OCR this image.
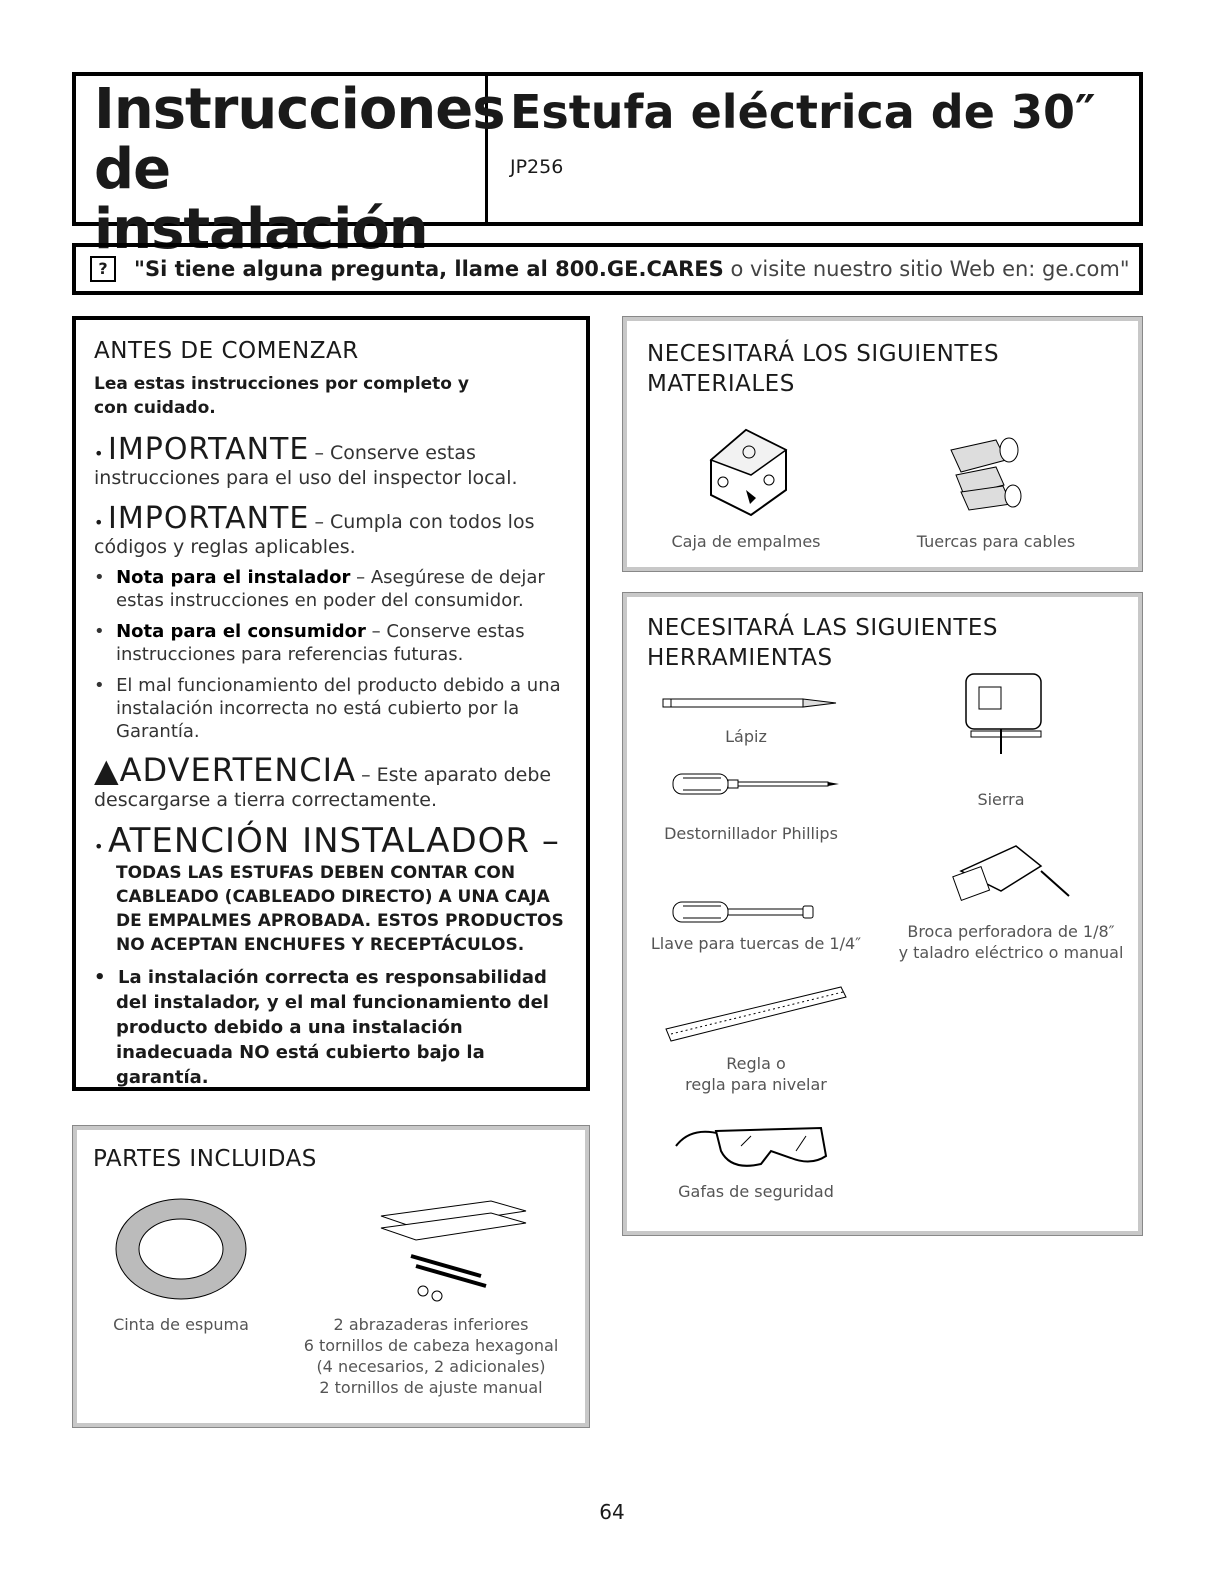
Instrucciones
de instalación
Estufa eléctrica de 30″
JP256
?	"Si tiene alguna pregunta, llame al 800.GE.CARES o visite nuestro sitio Web en: ge.com"
ANTES DE COMENZAR
Lea estas instrucciones por completo y con cuidado.
• IMPORTANTE – Conserve estas instrucciones para el uso del inspector local.
• IMPORTANTE – Cumpla con todos los códigos y reglas aplicables.
•  Nota para el instalador – Asegúrese de dejar estas instrucciones en poder del consumidor.
•  Nota para el consumidor – Conserve estas instrucciones para referencias futuras.
•  El mal funcionamiento del producto debido a una instalación incorrecta no está cubierto por la Garantía.
▲ADVERTENCIA – Este aparato debe descargarse a tierra correctamente.
• ATENCIÓN INSTALADOR –
TODAS LAS ESTUFAS DEBEN CONTAR CON CABLEADO (CABLEADO DIRECTO) A UNA CAJA DE EMPALMES APROBADA. ESTOS PRODUCTOS NO ACEPTAN ENCHUFES Y RECEPTÁCULOS.
•  La instalación correcta es responsabilidad del instalador, y el mal funcionamiento del producto debido a una instalación inadecuada NO está cubierto bajo la garantía.
NECESITARÁ LOS SIGUIENTES
MATERIALES
Caja de empalmes	Tuercas para cables
NECESITARÁ LAS SIGUIENTES
HERRAMIENTAS
Lápiz
Sierra
Destornillador Phillips
Broca perforadora de 1/8″
y taladro eléctrico o manual
Llave para tuercas de 1/4″
Regla o
regla para nivelar
Gafas de seguridad
PARTES INCLUIDAS
Cinta de espuma	2 abrazaderas inferiores
6 tornillos de cabeza hexagonal
(4 necesarios, 2 adicionales)
2 tornillos de ajuste manual
64
